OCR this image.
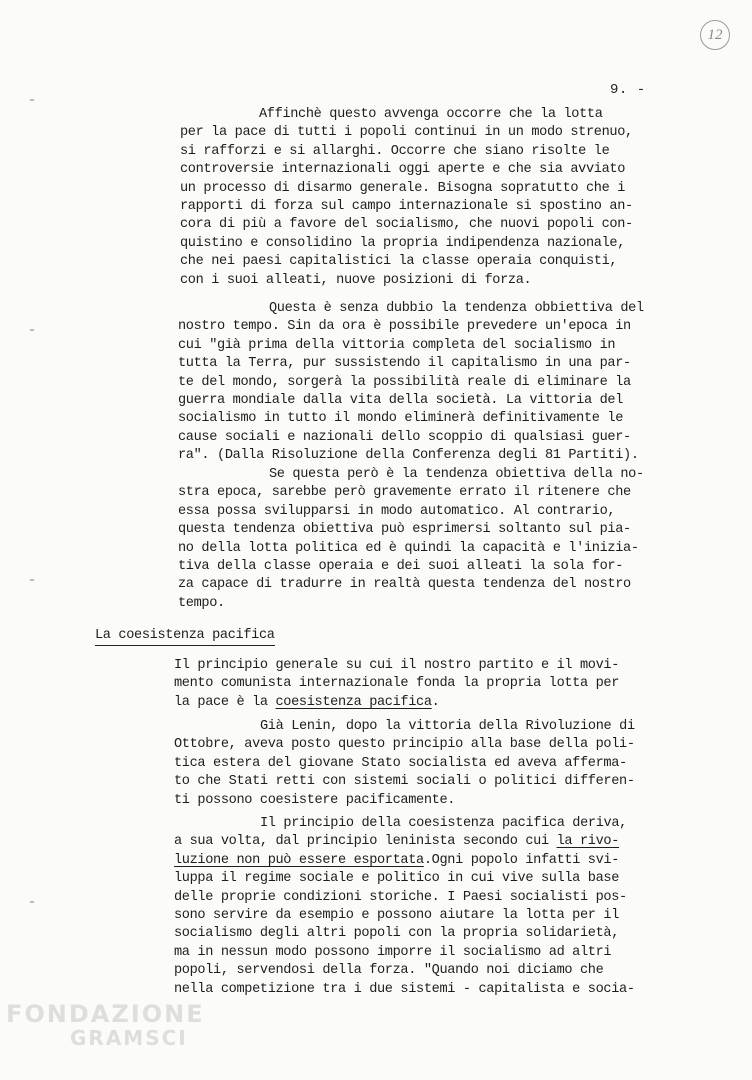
12
9. -
Affinchè questo avvenga occorre che la lotta
per la pace di tutti i popoli continui in un modo strenuo,
si rafforzi e si allarghi. Occorre che siano risolte le
controversie internazionali oggi aperte e che sia avviato
un processo di disarmo generale. Bisogna sopratutto che i
rapporti di forza sul campo internazionale si spostino an-
cora di più a favore del socialismo, che nuovi popoli con-
quistino e consolidino la propria indipendenza nazionale,
che nei paesi capitalistici la classe operaia conquisti,
con i suoi alleati, nuove posizioni di forza.
Questa è senza dubbio la tendenza obbiettiva del
nostro tempo. Sin da ora è possibile prevedere un'epoca in
cui "già prima della vittoria completa del socialismo in
tutta la Terra, pur sussistendo il capitalismo in una par-
te del mondo, sorgerà la possibilità reale di eliminare la
guerra mondiale dalla vita della società. La vittoria del
socialismo in tutto il mondo eliminerà definitivamente le
cause sociali e nazionali dello scoppio di qualsiasi guer-
ra". (Dalla Risoluzione della Conferenza degli 81 Partiti).
Se questa però è la tendenza obiettiva della no-
stra epoca, sarebbe però gravemente errato il ritenere che
essa possa svilupparsi in modo automatico. Al contrario,
questa tendenza obiettiva può esprimersi soltanto sul pia-
no della lotta politica ed è quindi la capacità e l'inizia-
tiva della classe operaia e dei suoi alleati la sola for-
za capace di tradurre in realtà questa tendenza del nostro
tempo.
La coesistenza pacifica
Il principio generale su cui il nostro partito e il movi-
mento comunista internazionale fonda la propria lotta per
la pace è la coesistenza pacifica.
Già Lenin, dopo la vittoria della Rivoluzione di
Ottobre, aveva posto questo principio alla base della poli-
tica estera del giovane Stato socialista ed aveva afferma-
to che Stati retti con sistemi sociali o politici differen-
ti possono coesistere pacificamente.
Il principio della coesistenza pacifica deriva,
a sua volta, dal principio leninista secondo cui la rivo-
luzione non può essere esportata.Ogni popolo infatti svi-
luppa il regime sociale e politico in cui vive sulla base
delle proprie condizioni storiche. I Paesi socialisti pos-
sono servire da esempio e possono aiutare la lotta per il
socialismo degli altri popoli con la propria solidarietà,
ma in nessun modo possono imporre il socialismo ad altri
popoli, servendosi della forza. "Quando noi diciamo che
nella competizione tra i due sistemi - capitalista e socia-
FONDAZIONE
GRAMSCI
